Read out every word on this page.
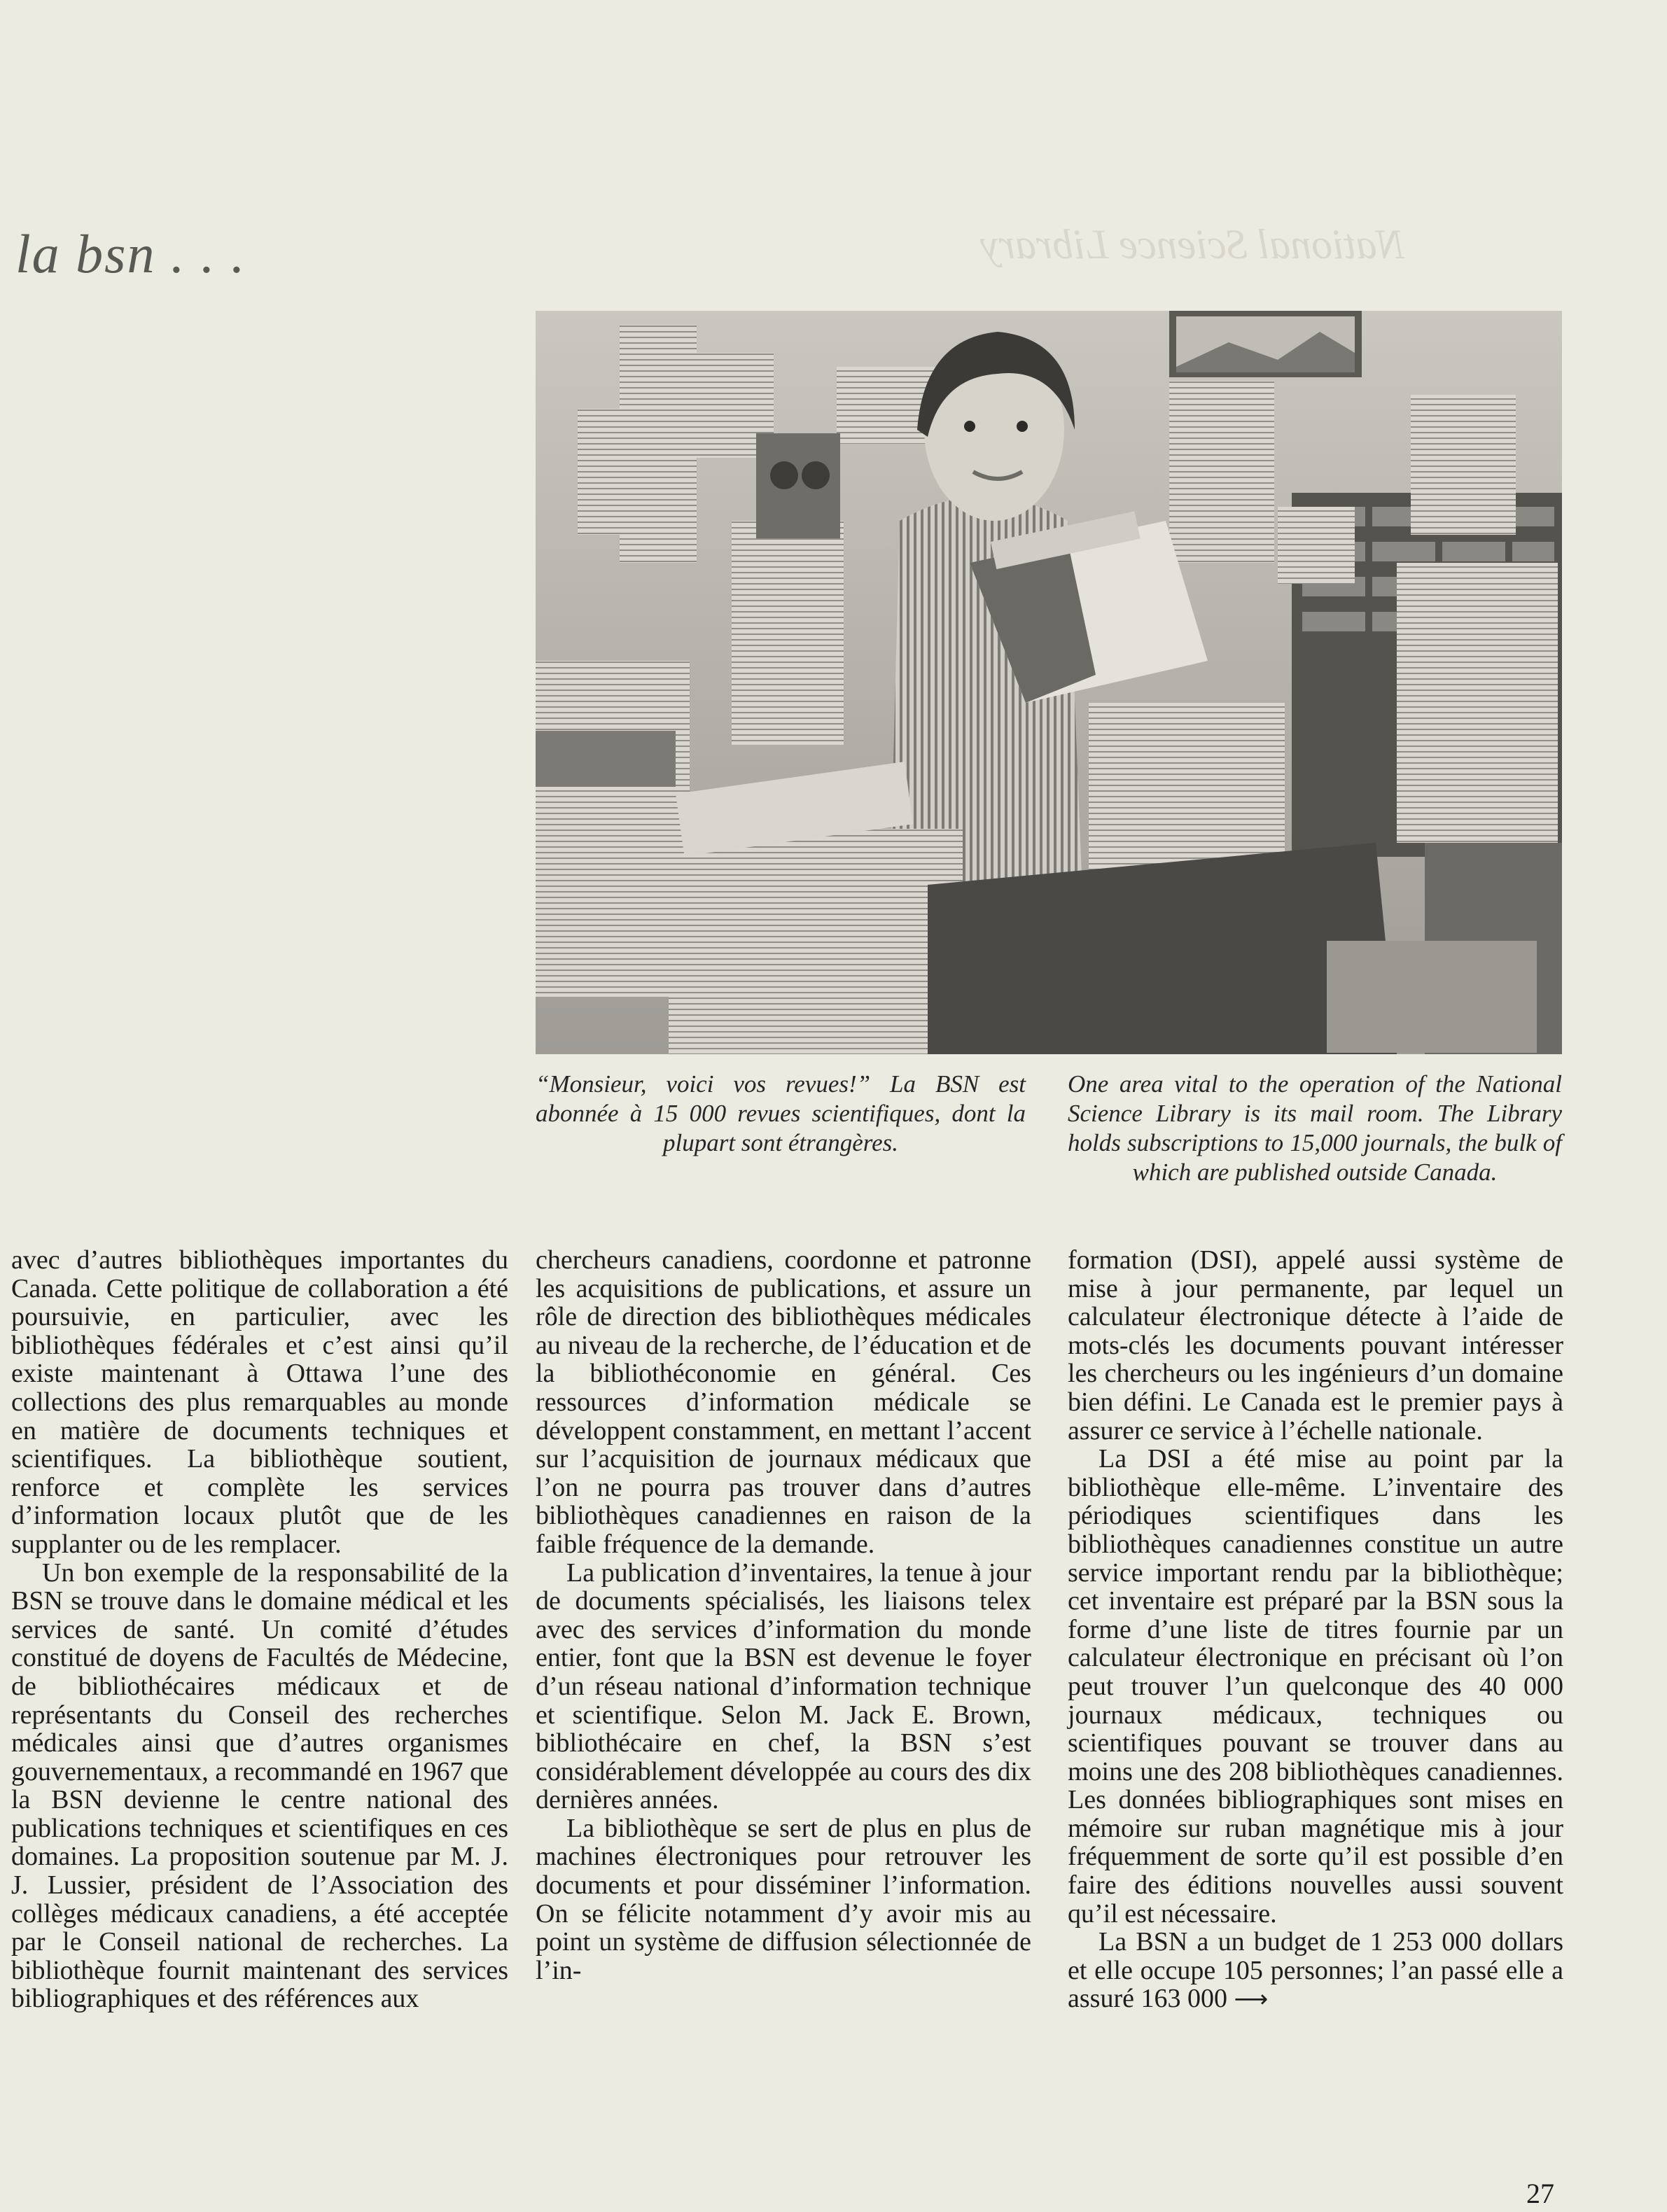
National Science Library
la bsn . . .
“Monsieur, voici vos revues!” La BSN est abonnée à 15 000 revues scientifiques, dont la plupart sont étrangères.
One area vital to the operation of the National Science Library is its mail room. The Library holds subscriptions to 15,000 journals, the bulk of which are published outside Canada.

avec d’autres bibliothèques importantes du Canada. Cette politique de collaboration a été poursuivie, en particulier, avec les bibliothèques fédérales et c’est ainsi qu’il existe maintenant à Ottawa l’une des collections des plus remarquables au monde en matière de documents techniques et scientifiques. La bibliothèque soutient, renforce et complète les services d’information locaux plutôt que de les supplanter ou de les remplacer.

Un bon exemple de la responsabilité de la BSN se trouve dans le domaine médical et les services de santé. Un comité d’études constitué de doyens de Facultés de Médecine, de bibliothécaires médicaux et de représentants du Conseil des recherches médicales ainsi que d’autres organismes gouvernementaux, a recommandé en 1967 que la BSN devienne le centre national des publications techniques et scientifiques en ces domaines. La proposition soutenue par M. J. J. Lussier, président de l’Association des collèges médicaux canadiens, a été acceptée par le Conseil national de recherches. La bibliothèque fournit maintenant des services bibliographiques et des références aux

chercheurs canadiens, coordonne et patronne les acquisitions de publications, et assure un rôle de direction des bibliothèques médicales au niveau de la recherche, de l’éducation et de la bibliothéconomie en général. Ces ressources d’information médicale se développent constamment, en mettant l’accent sur l’acquisition de journaux médicaux que l’on ne pourra pas trouver dans d’autres bibliothèques canadiennes en raison de la faible fréquence de la demande.

La publication d’inventaires, la tenue à jour de documents spécialisés, les liaisons telex avec des services d’information du monde entier, font que la BSN est devenue le foyer d’un réseau national d’information technique et scientifique. Selon M. Jack E. Brown, bibliothécaire en chef, la BSN s’est considérablement développée au cours des dix dernières années.

La bibliothèque se sert de plus en plus de machines électroniques pour retrouver les documents et pour disséminer l’information. On se félicite notamment d’y avoir mis au point un système de diffusion sélectionnée de l’in-

formation (DSI), appelé aussi système de mise à jour permanente, par lequel un calculateur électronique détecte à l’aide de mots-clés les documents pouvant intéresser les chercheurs ou les ingénieurs d’un domaine bien défini. Le Canada est le premier pays à assurer ce service à l’échelle nationale.

La DSI a été mise au point par la bibliothèque elle-même. L’inventaire des périodiques scientifiques dans les bibliothèques canadiennes constitue un autre service important rendu par la bibliothèque; cet inventaire est préparé par la BSN sous la forme d’une liste de titres fournie par un calculateur électronique en précisant où l’on peut trouver l’un quelconque des 40 000 journaux médicaux, techniques ou scientifiques pouvant se trouver dans au moins une des 208 bibliothèques canadiennes. Les données bibliographiques sont mises en mémoire sur ruban magnétique mis à jour fréquemment de sorte qu’il est possible d’en faire des éditions nouvelles aussi souvent qu’il est nécessaire.

La BSN a un budget de 1 253 000 dollars et elle occupe 105 personnes; l’an passé elle a assuré 163 000 ⟶

27
